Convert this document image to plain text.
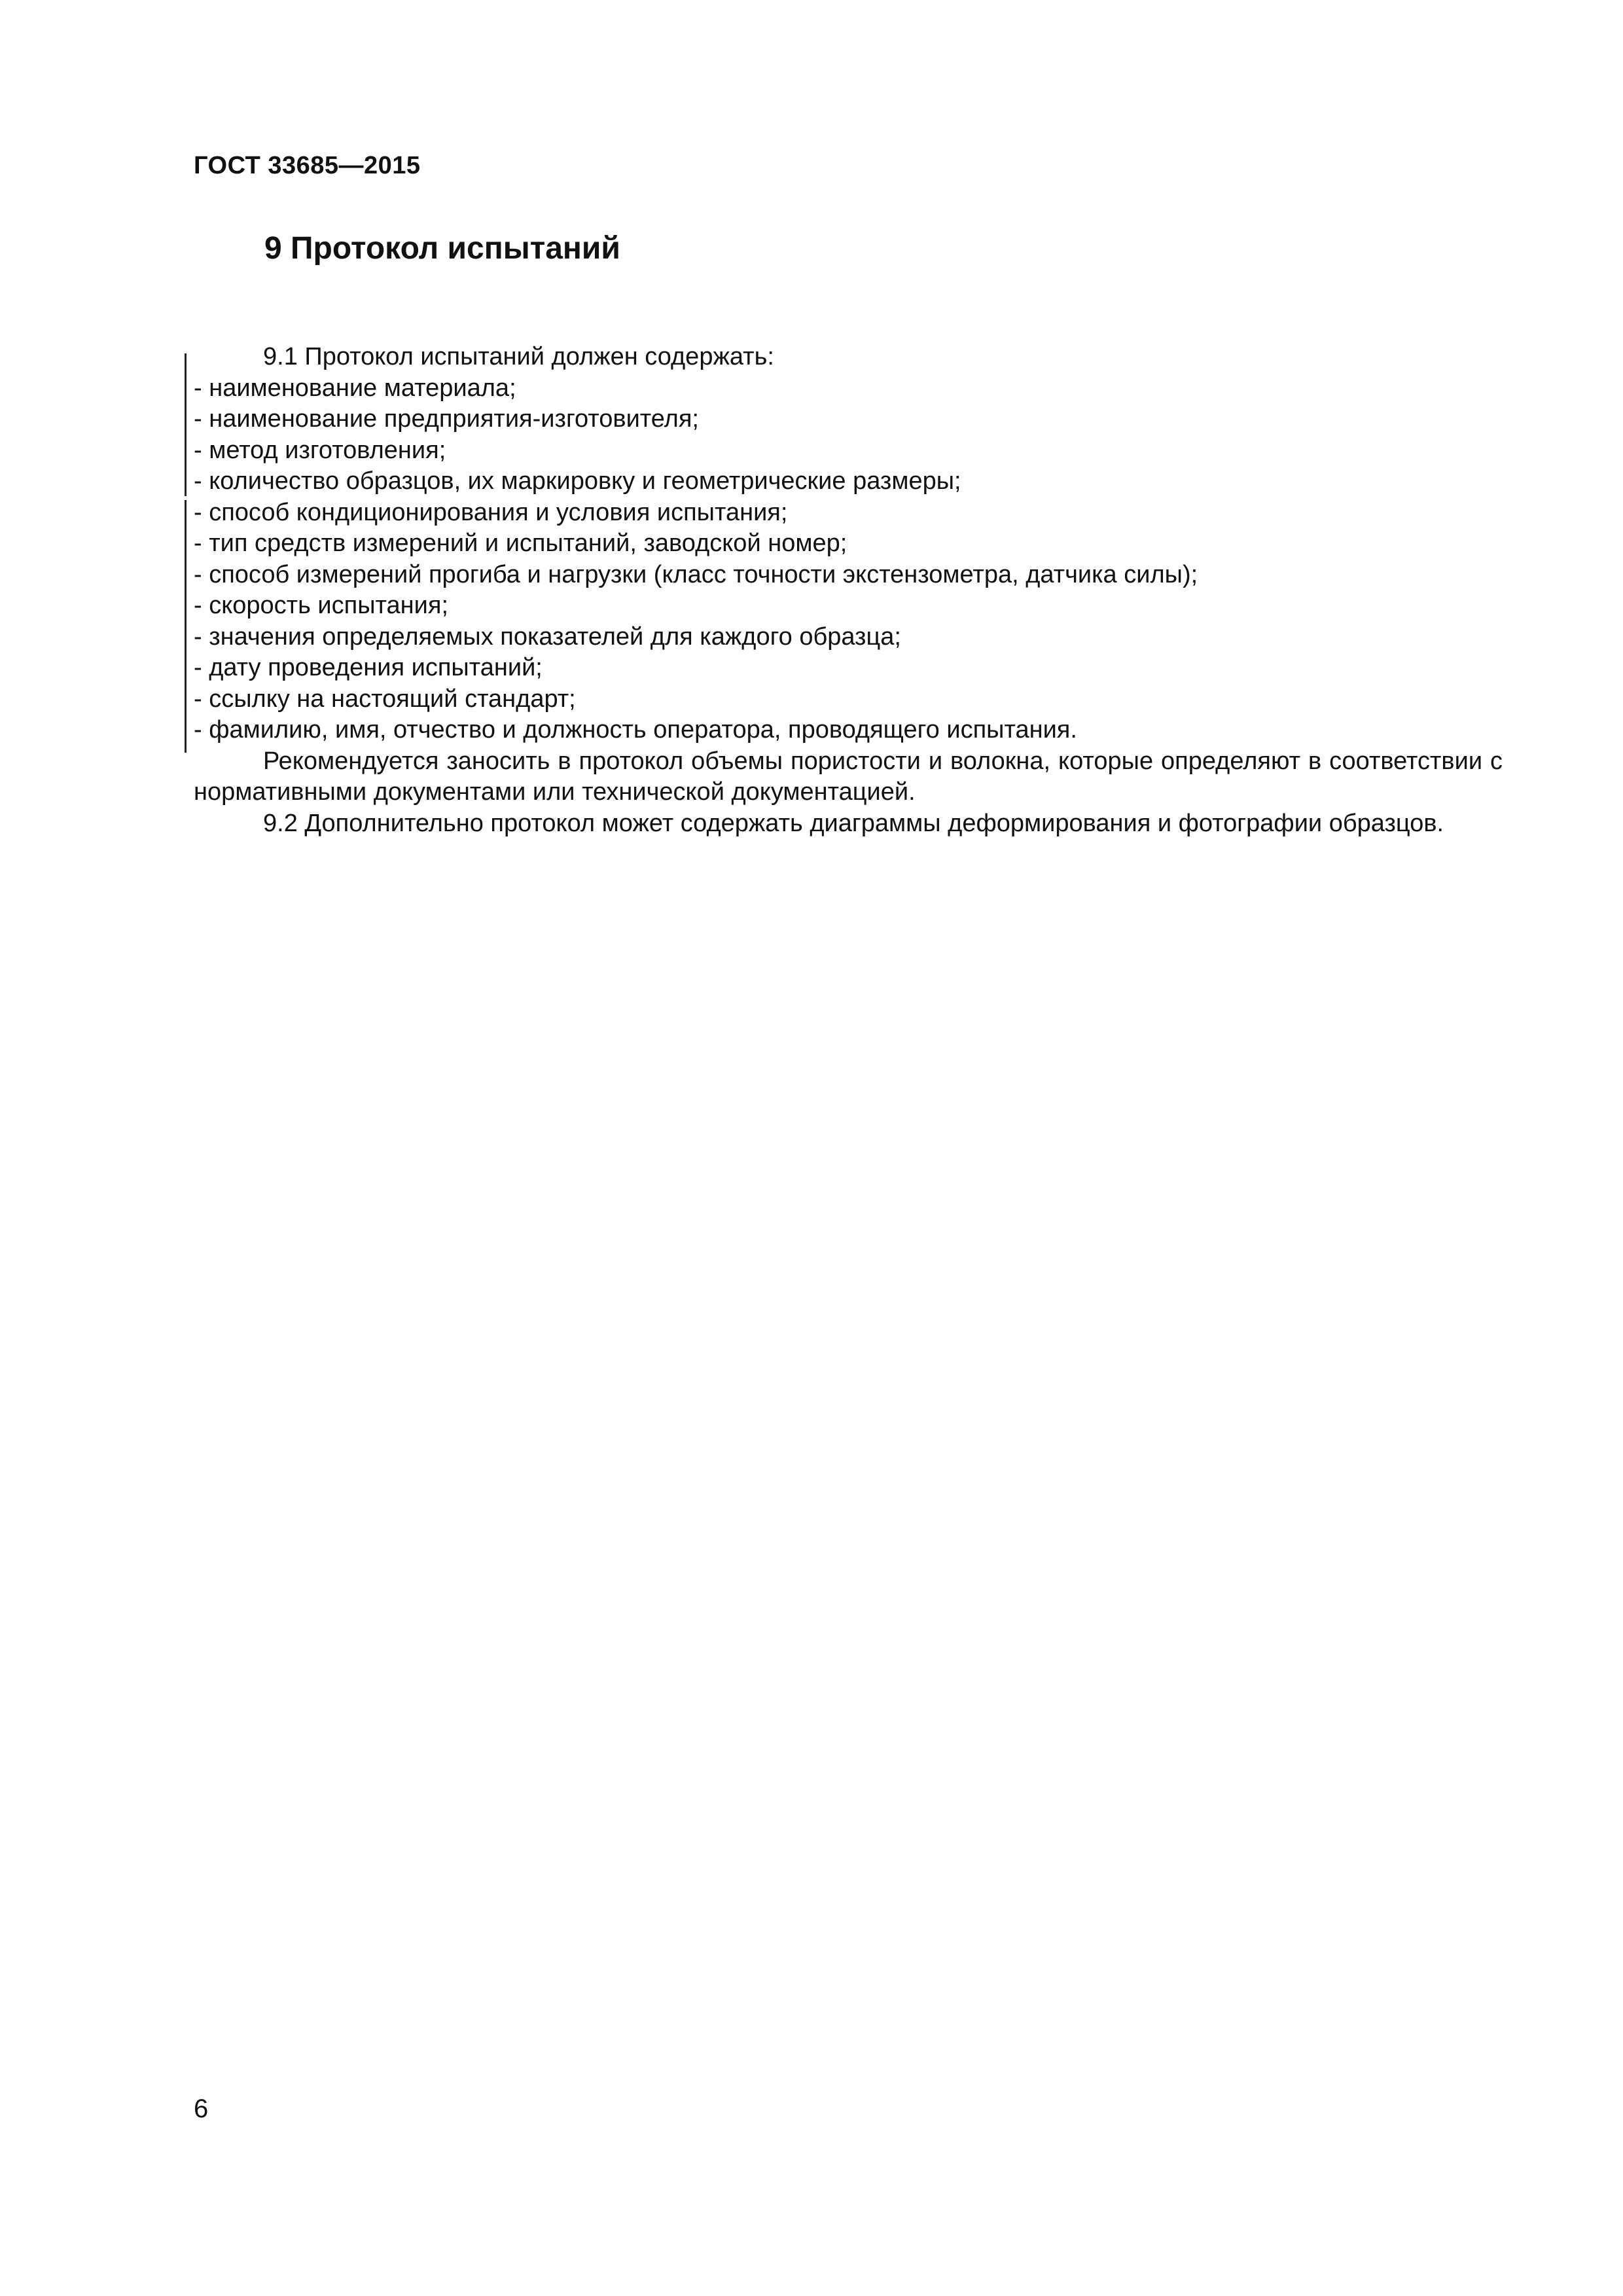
ГОСТ 33685—2015
9 Протокол испытаний

9.1 Протокол испытаний должен содержать:

- наименование материала;

- наименование предприятия-изготовителя;

- метод изготовления;

- количество образцов, их маркировку и геометрические размеры;

- способ кондиционирования и условия испытания;

- тип средств измерений и испытаний, заводской номер;

- способ измерений прогиба и нагрузки (класс точности экстензометра, датчика силы);

- скорость испытания;

- значения определяемых показателей для каждого образца;

- дату проведения испытаний;

- ссылку на настоящий стандарт;

- фамилию, имя, отчество и должность оператора, проводящего испытания.

Рекомендуется заносить в протокол объемы пористости и волокна, которые определяют в соответствии с нормативными документами или технической документацией.

9.2 Дополнительно протокол может содержать диаграммы деформирования и фотографии образцов.

6
